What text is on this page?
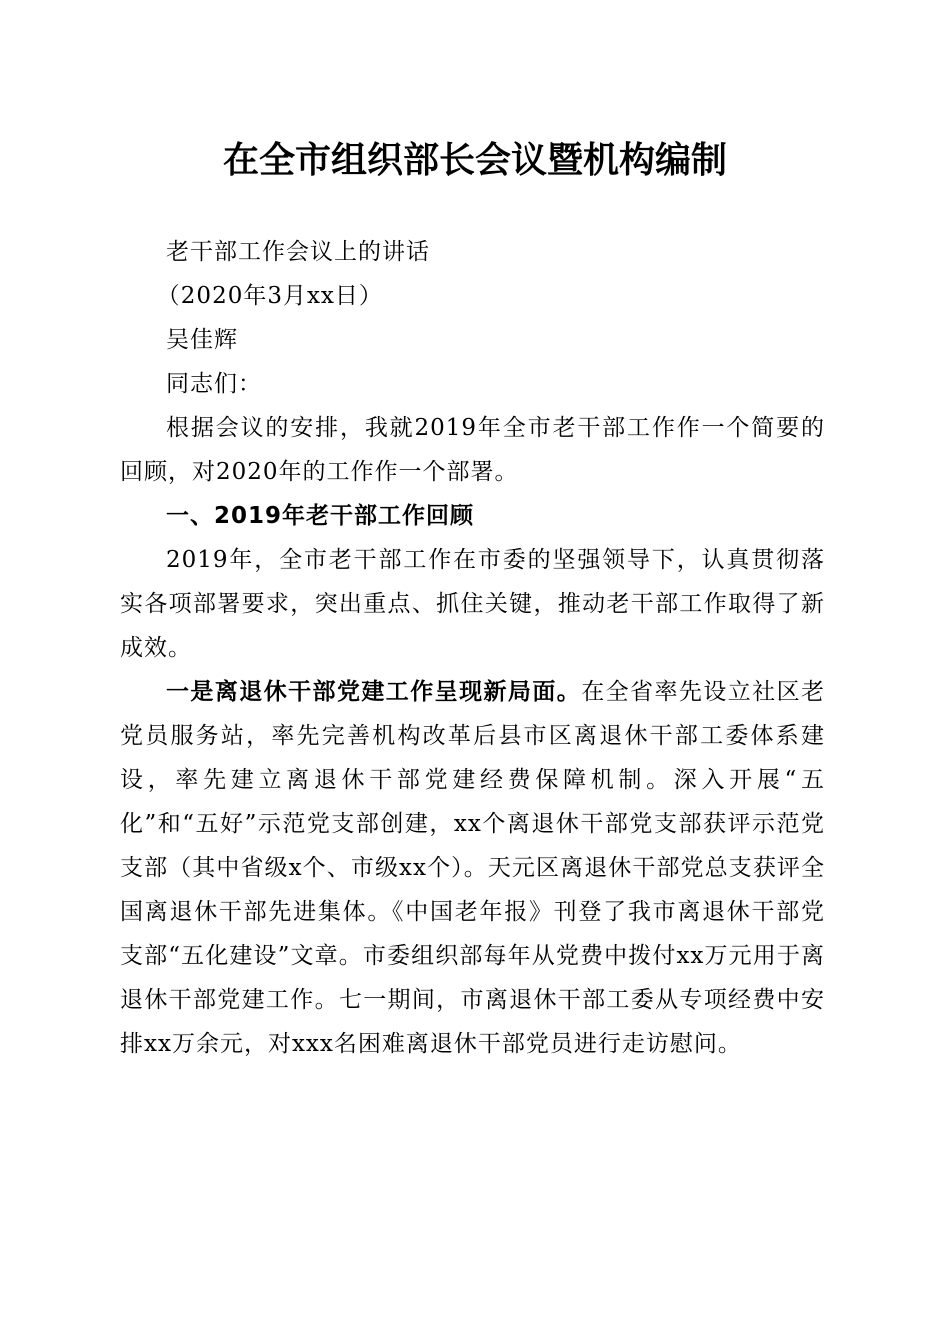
在全市组织部长会议暨机构编制

老干部工作会议上的讲话

（2020年3月xx日）

吴佳辉

同志们：

根据会议的安排，我就2019年全市老干部工作作一个简要的回顾，对2020年的工作作一个部署。

一、2019年老干部工作回顾

2019年，全市老干部工作在市委的坚强领导下，认真贯彻落实各项部署要求，突出重点、抓住关键，推动老干部工作取得了新成效。

一是离退休干部党建工作呈现新局面。在全省率先设立社区老党员服务站，率先完善机构改革后县市区离退休干部工委体系建设，率先建立离退休干部党建经费保障机制。深入开展“五化”和“五好”示范党支部创建，xx个离退休干部党支部获评示范党支部（其中省级x个、市级xx个）。天元区离退休干部党总支获评全国离退休干部先进集体。《中国老年报》刊登了我市离退休干部党支部“五化建设”文章。市委组织部每年从党费中拨付xx万元用于离退休干部党建工作。七一期间，市离退休干部工委从专项经费中安排xx万余元，对xxx名困难离退休干部党员进行走访慰问。
